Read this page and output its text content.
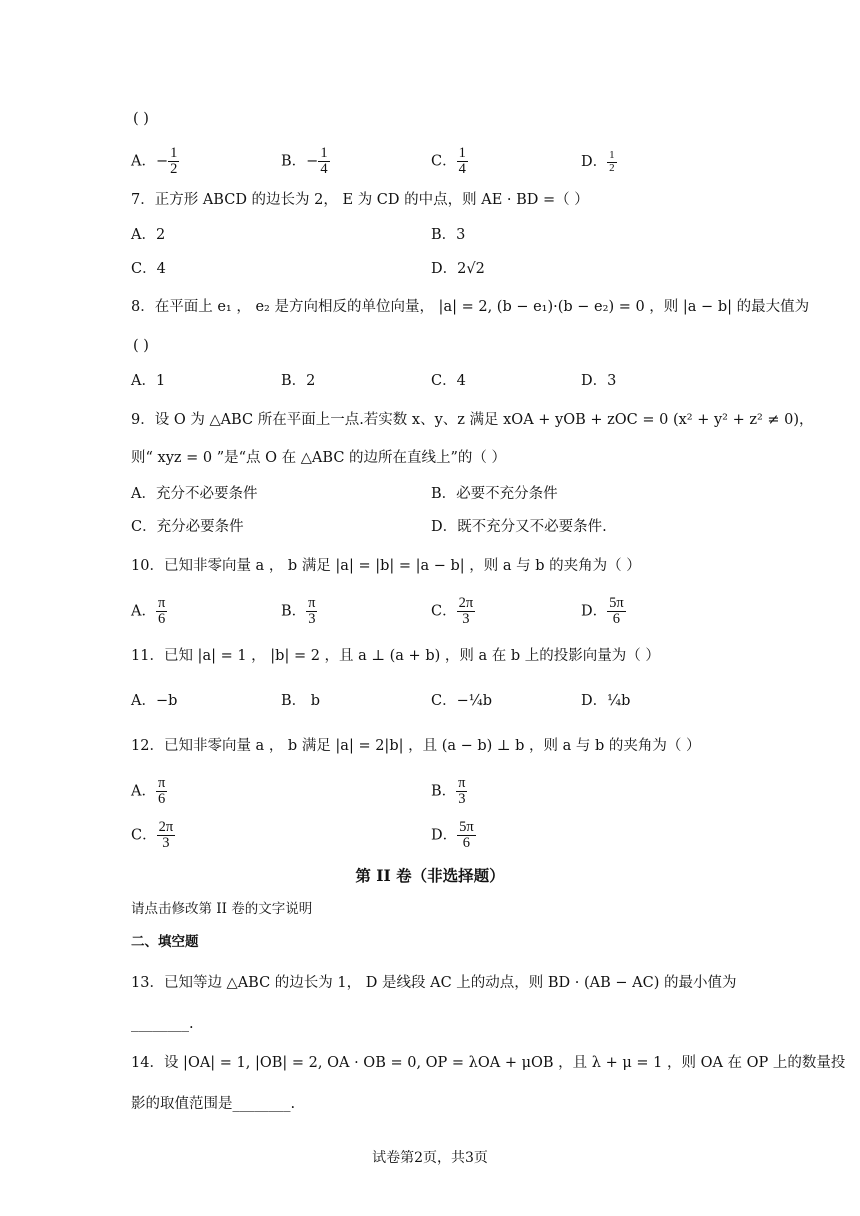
( )
A．− $\frac{1}{2}$	B．− $\frac{1}{4}$	C． $\frac{1}{4}$	D． $\frac{1}{2}$
7．正方形 ABCD 的边长为 2， E 为 CD 的中点，则 AE · BD =（ ）
A．2	B．3
C．4	D．2√2
8．在平面上 e₁ ， e₂ 是方向相反的单位向量， |a| = 2, (b − e₁)·(b − e₂) = 0 ，则 |a − b| 的最大值为
( )
A．1	B．2	C．4	D．3
9．设 O 为 △ABC 所在平面上一点.若实数 x、y、z 满足 xOA + yOB + zOC = 0 (x² + y² + z² ≠ 0)，
则“ xyz = 0 ”是“点 O 在 △ABC 的边所在直线上”的（ ）
A．充分不必要条件	B．必要不充分条件
C．充分必要条件	D．既不充分又不必要条件.
10．已知非零向量 a ， b 满足 |a| = |b| = |a − b| ，则 a 与 b 的夹角为（ ）
A． $\frac{\pi}{6}$	B． $\frac{\pi}{3}$	C． $\frac{2\pi}{3}$	D． $\frac{5\pi}{6}$
11．已知 |a| = 1 ， |b| = 2 ，且 a ⊥ (a + b) ，则 a 在 b 上的投影向量为（ ）
A．−b	B． b	C．−¼b	D．¼b
12．已知非零向量 a ， b 满足 |a| = 2|b| ，且 (a − b) ⊥ b ，则 a 与 b 的夹角为（ ）
A． $\frac{\pi}{6}$	B． $\frac{\pi}{3}$
C． $\frac{2\pi}{3}$	D． $\frac{5\pi}{6}$
第 II 卷（非选择题）
请点击修改第 II 卷的文字说明
二、填空题
13．已知等边 △ABC 的边长为 1， D 是线段 AC 上的动点，则 BD · (AB − AC) 的最小值为
________.
14．设 |OA| = 1, |OB| = 2, OA · OB = 0, OP = λOA + μOB ，且 λ + μ = 1 ，则 OA 在 OP 上的数量投
影的取值范围是________.
试卷第2页，共3页
